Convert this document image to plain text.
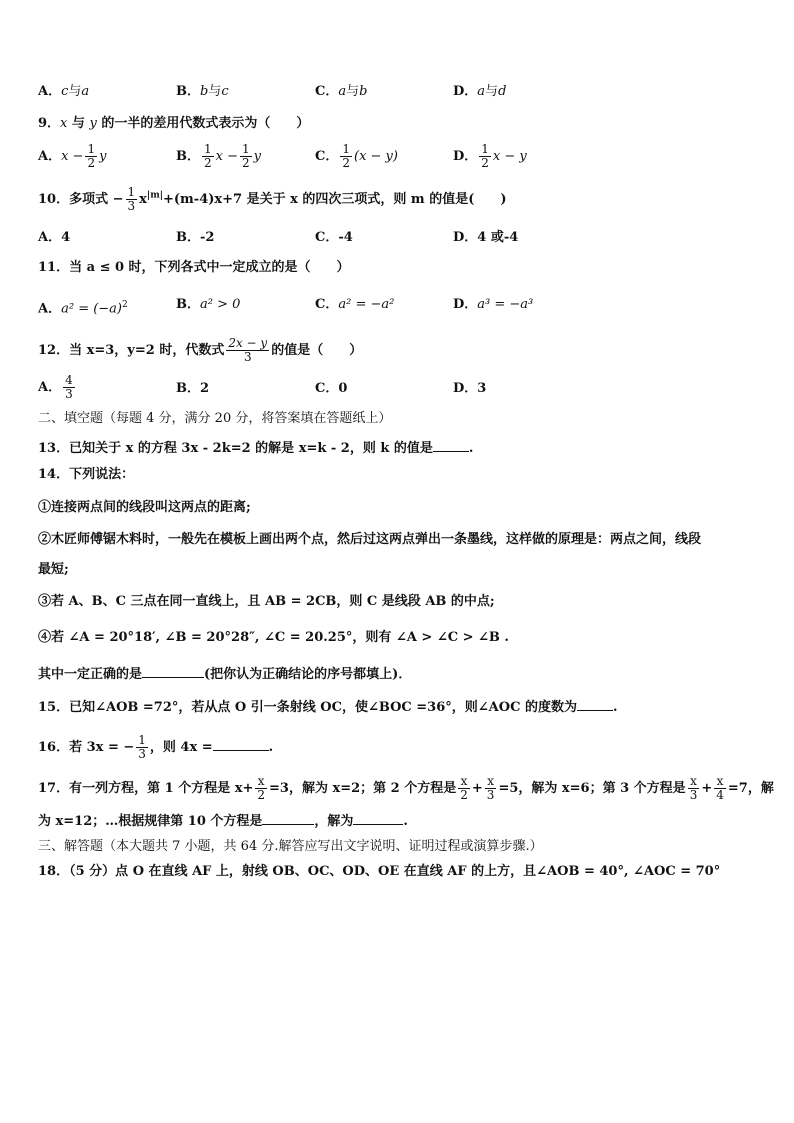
A．c与a	B．b与c	C．a与b	D．a与d
9．x 与 y 的一半的差用代数式表示为（　　）
A．$x - \frac{1}{2}$ y	B． $\frac{1}{2}$ $x - \frac{1}{2}$ y	C． $\frac{1}{2} (x - y)$	D． $\frac{1}{2}$ x − y
10．多项式 − $\frac{1}{3} x^{|m|}+(m-4)x+7$ 是关于 x 的四次三项式，则 m 的值是(　　)
A．4	B．-2	C．-4	D．4 或-4
11．当 a ≤ 0 时，下列各式中一定成立的是（　　）
A．$a^2 = (-a)^2$	B．a² > 0	C．a² = −a²	D．a³ = −a³
12．当 x=3，y=2 时，代数式 $\frac{2x - y}{3}$ 的值是（　　）
A． $\frac{4}{3}$	B．2	C．0	D．3
二、填空题（每题 4 分，满分 20 分，将答案填在答题纸上）
13．已知关于 x 的方程 3x - 2k=2 的解是 x=k - 2，则 k 的值是	.
14．下列说法：
①连接两点间的线段叫这两点的距离;
②木匠师傅锯木料时，一般先在模板上画出两个点，然后过这两点弹出一条墨线，这样做的原理是：两点之间，线段
最短;
③若 A、B、C 三点在同一直线上，且 AB = 2CB，则 C 是线段 AB 的中点;
④若 ∠A = 20°18′, ∠B = 20°28″, ∠C = 20.25°，则有 ∠A > ∠C > ∠B .
其中一定正确的是	(把你认为正确结论的序号都填上)．
15．已知∠AOB =72°，若从点 O 引一条射线 OC，使∠BOC =36°，则∠AOC 的度数为	.
16．若 3x = − $\frac{1}{3}$ ，则 4x =	.
17．有一列方程，第 1 个方程是 $x+ \frac{x}{2} =3$，解为 x=2；第 2 个方程是 $\frac{x}{2} + \frac{x}{3} =5$，解为 x=6；第 3 个方程是 $\frac{x}{3} + \frac{x}{4} =7$，解
为 x=12；…根据规律第 10 个方程是	，解为	.
三、解答题（本大题共 7 小题，共 64 分.解答应写出文字说明、证明过程或演算步骤.）
18．（5 分）点 O 在直线 AF 上，射线 OB、OC、OD、OE 在直线 AF 的上方，且∠AOB = 40°, ∠AOC = 70°
